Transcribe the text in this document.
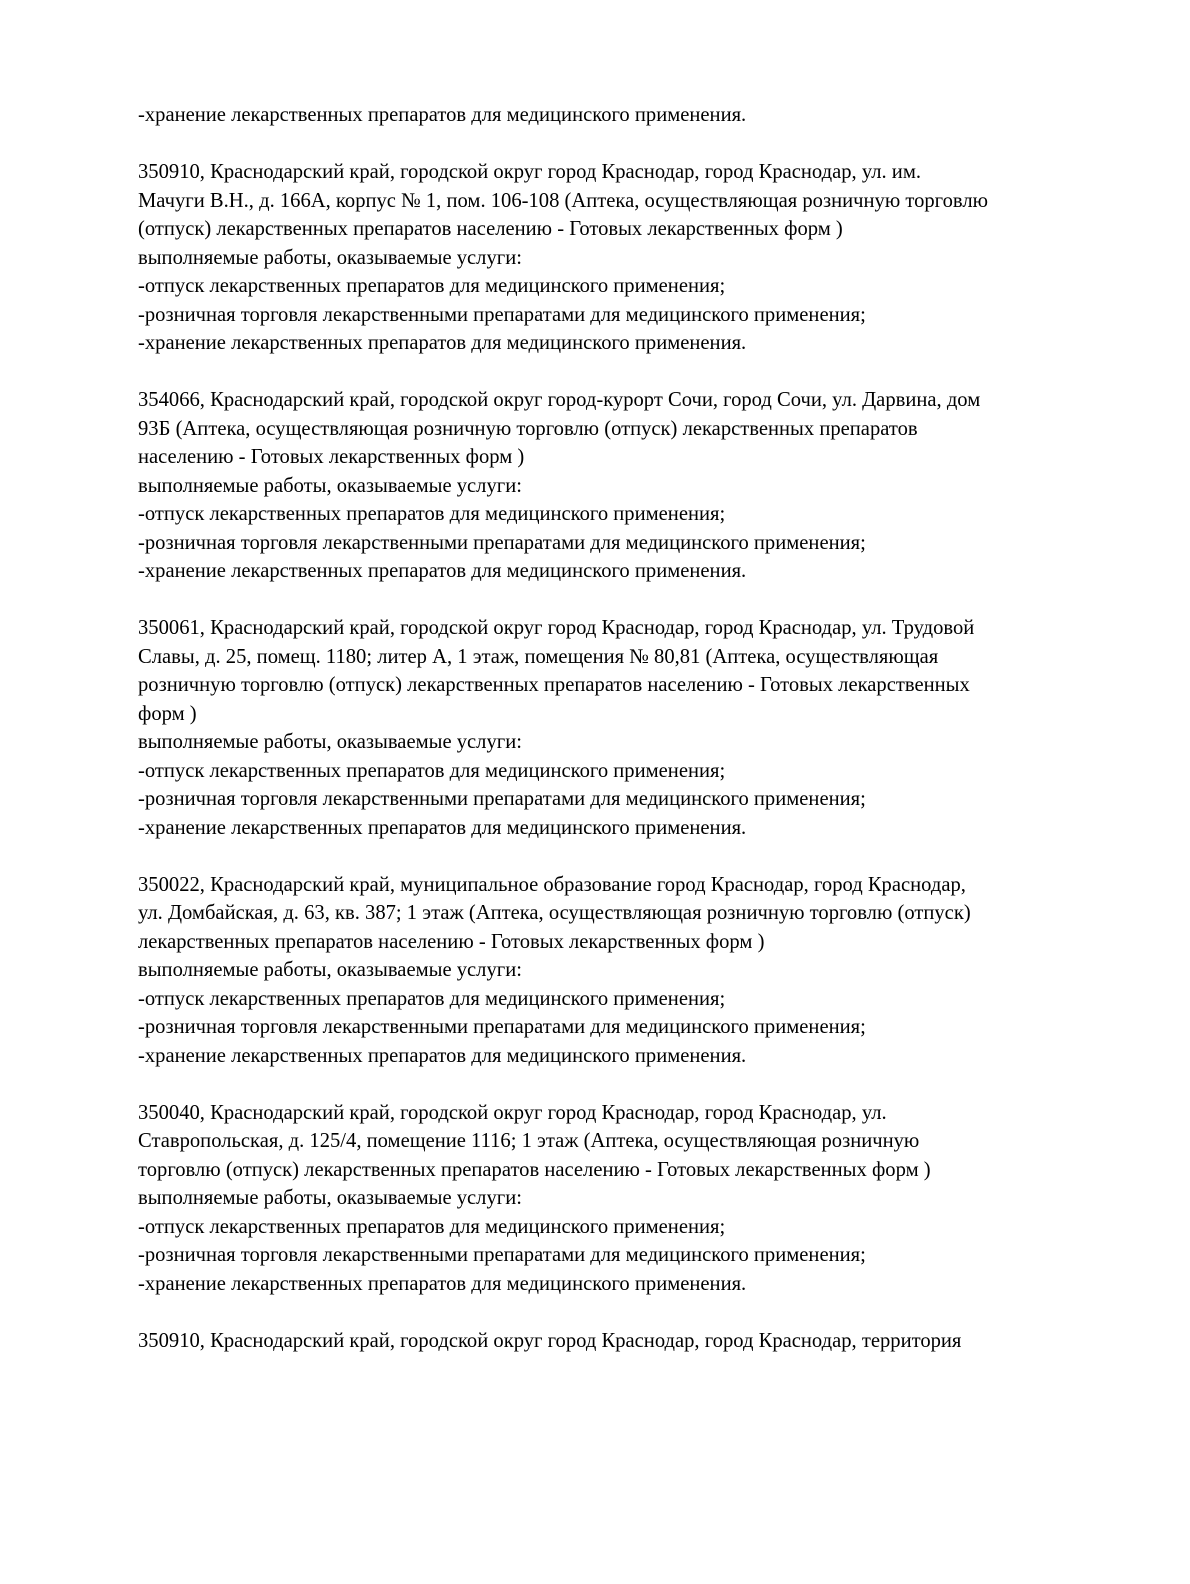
-хранение лекарственных препаратов для медицинского применения.
350910, Краснодарский край, городской округ город Краснодар, город Краснодар, ул. им.
Мачуги В.Н., д. 166А, корпус № 1, пом. 106-108 (Аптека, осуществляющая розничную торговлю
(отпуск) лекарственных препаратов населению - Готовых лекарственных форм )
выполняемые работы, оказываемые услуги:
-отпуск лекарственных препаратов для медицинского применения;
-розничная торговля лекарственными препаратами для медицинского применения;
-хранение лекарственных препаратов для медицинского применения.
354066, Краснодарский край, городской округ город-курорт Сочи, город Сочи, ул. Дарвина, дом
93Б (Аптека, осуществляющая розничную торговлю (отпуск) лекарственных препаратов
населению - Готовых лекарственных форм )
выполняемые работы, оказываемые услуги:
-отпуск лекарственных препаратов для медицинского применения;
-розничная торговля лекарственными препаратами для медицинского применения;
-хранение лекарственных препаратов для медицинского применения.
350061, Краснодарский край, городской округ город Краснодар, город Краснодар, ул. Трудовой
Славы, д. 25, помещ. 1180; литер А, 1 этаж, помещения № 80,81 (Аптека, осуществляющая
розничную торговлю (отпуск) лекарственных препаратов населению - Готовых лекарственных
форм )
выполняемые работы, оказываемые услуги:
-отпуск лекарственных препаратов для медицинского применения;
-розничная торговля лекарственными препаратами для медицинского применения;
-хранение лекарственных препаратов для медицинского применения.
350022, Краснодарский край, муниципальное образование город Краснодар, город Краснодар,
ул. Домбайская, д. 63, кв. 387; 1 этаж (Аптека, осуществляющая розничную торговлю (отпуск)
лекарственных препаратов населению - Готовых лекарственных форм )
выполняемые работы, оказываемые услуги:
-отпуск лекарственных препаратов для медицинского применения;
-розничная торговля лекарственными препаратами для медицинского применения;
-хранение лекарственных препаратов для медицинского применения.
350040, Краснодарский край, городской округ город Краснодар, город Краснодар, ул.
Ставропольская, д. 125/4, помещение 1116; 1 этаж (Аптека, осуществляющая розничную
торговлю (отпуск) лекарственных препаратов населению - Готовых лекарственных форм )
выполняемые работы, оказываемые услуги:
-отпуск лекарственных препаратов для медицинского применения;
-розничная торговля лекарственными препаратами для медицинского применения;
-хранение лекарственных препаратов для медицинского применения.
350910, Краснодарский край, городской округ город Краснодар, город Краснодар, территория
